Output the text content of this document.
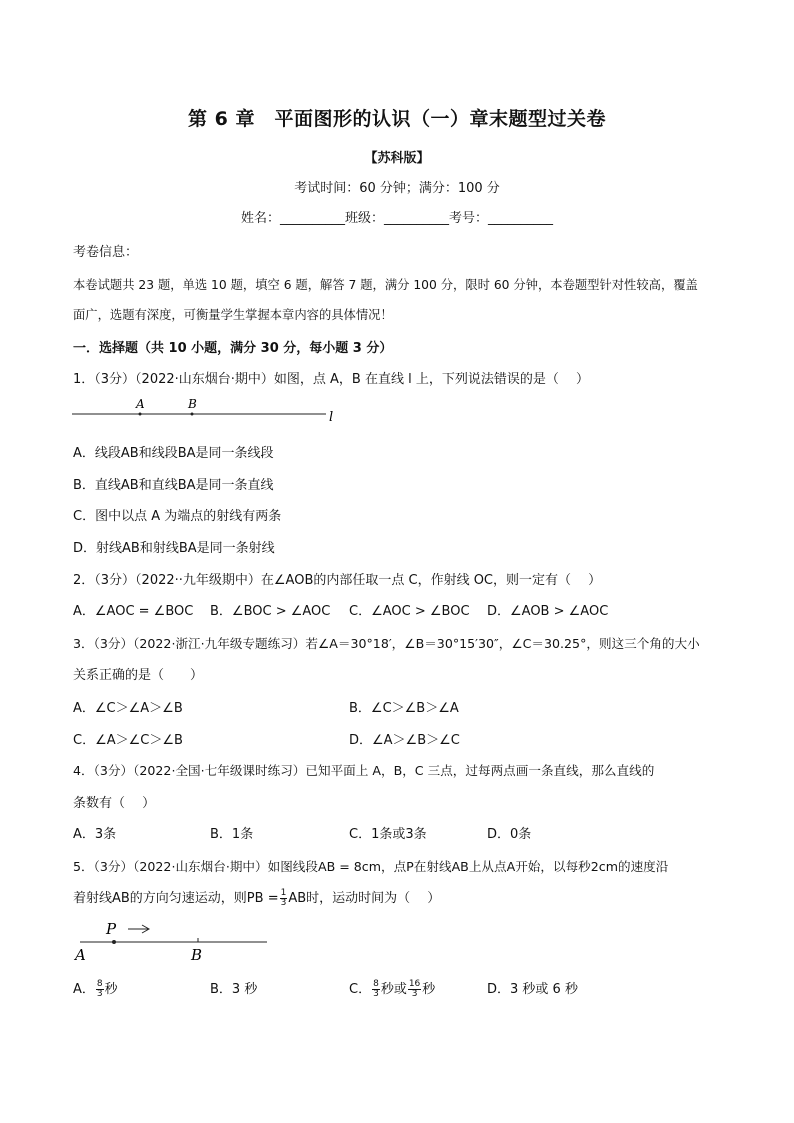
第 6 章　平面图形的认识（一）章末题型过关卷
【苏科版】
考试时间：60 分钟；满分：100 分
姓名：__________班级：__________考号：__________
考卷信息：
本卷试题共 23 题，单选 10 题，填空 6 题，解答 7 题，满分 100 分，限时 60 分钟，本卷题型针对性较高，覆盖
面广，选题有深度，可衡量学生掌握本章内容的具体情况！
一．选择题（共 10 小题，满分 30 分，每小题 3 分）
1．（3分）（2022·山东烟台·期中）如图，点 A，B 在直线 l 上，下列说法错误的是（　 ）
A	B
l
A．线段AB和线段BA是同一条线段
B．直线AB和直线BA是同一条直线
C．图中以点 A 为端点的射线有两条
D．射线AB和射线BA是同一条射线
2．（3分）（2022··九年级期中）在∠AOB的内部任取一点 C，作射线 OC，则一定有（　 ）
A．∠AOC = ∠BOC B．∠BOC > ∠AOC C．∠AOC > ∠BOC D．∠AOB > ∠AOC
3．（3分）（2022·浙江·九年级专题练习）若∠A＝30°18′，∠B＝30°15′30″，∠C＝30.25°，则这三个角的大小
关系正确的是（　　）
A．∠C＞∠A＞∠B	B．∠C＞∠B＞∠A
C．∠A＞∠C＞∠B	D．∠A＞∠B＞∠C
4．（3分）（2022·全国·七年级课时练习）已知平面上 A，B，C 三点，过每两点画一条直线，那么直线的
条数有（　 ）
A．3条	B．1条	C．1条或3条	D．0条
5．（3分）（2022·山东烟台·期中）如图线段AB = 8cm，点P在射线AB上从点A开始，以每秒2cm的速度沿
着射线AB的方向匀速运动，则PB = $\frac{1}{3}$ AB时，运动时间为（　 ）
P
A	B
A． $\frac{8}{3}$ 秒	B．3 秒	C． $\frac{8}{3}$ 秒或 $\frac{16}{3}$ 秒	D．3 秒或 6 秒
